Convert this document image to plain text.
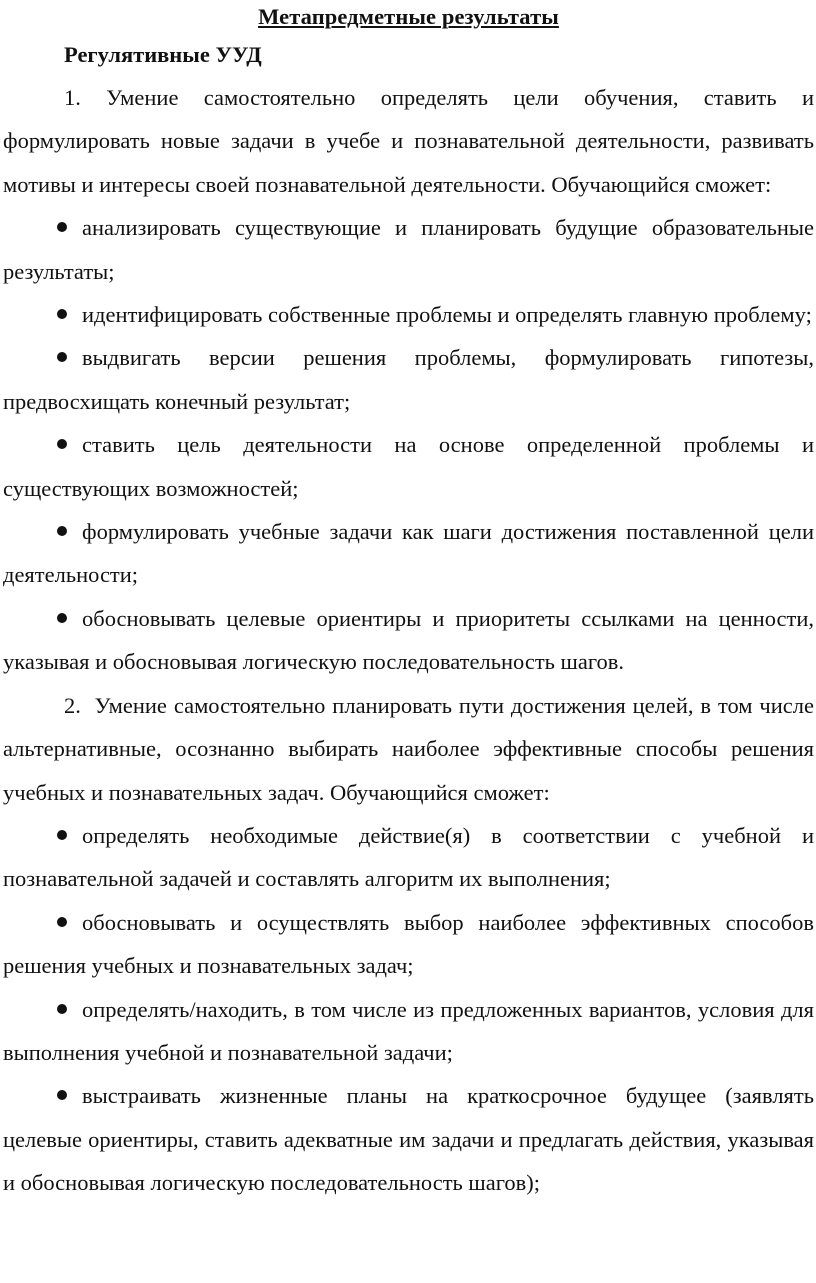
Метапредметные результаты

Регулятивные УУД

1. Умение самостоятельно определять цели обучения, ставить и формулировать новые задачи в учебе и познавательной деятельности, развивать мотивы и интересы своей познавательной деятельности. Обучающийся сможет:

анализировать существующие и планировать будущие образовательные результаты;

идентифицировать собственные проблемы и определять главную проблему;

выдвигать версии решения проблемы, формулировать гипотезы, предвосхищать конечный результат;

ставить цель деятельности на основе определенной проблемы и существующих возможностей;

формулировать учебные задачи как шаги достижения поставленной цели деятельности;

обосновывать целевые ориентиры и приоритеты ссылками на ценности, указывая и обосновывая логическую последовательность шагов.

2. Умение самостоятельно планировать пути достижения целей, в том числе альтернативные, осознанно выбирать наиболее эффективные способы решения учебных и познавательных задач. Обучающийся сможет:

определять необходимые действие(я) в соответствии с учебной и познавательной задачей и составлять алгоритм их выполнения;

обосновывать и осуществлять выбор наиболее эффективных способов решения учебных и познавательных задач;

определять/находить, в том числе из предложенных вариантов, условия для выполнения учебной и познавательной задачи;

выстраивать жизненные планы на краткосрочное будущее (заявлять целевые ориентиры, ставить адекватные им задачи и предлагать действия, указывая и обосновывая логическую последовательность шагов);
